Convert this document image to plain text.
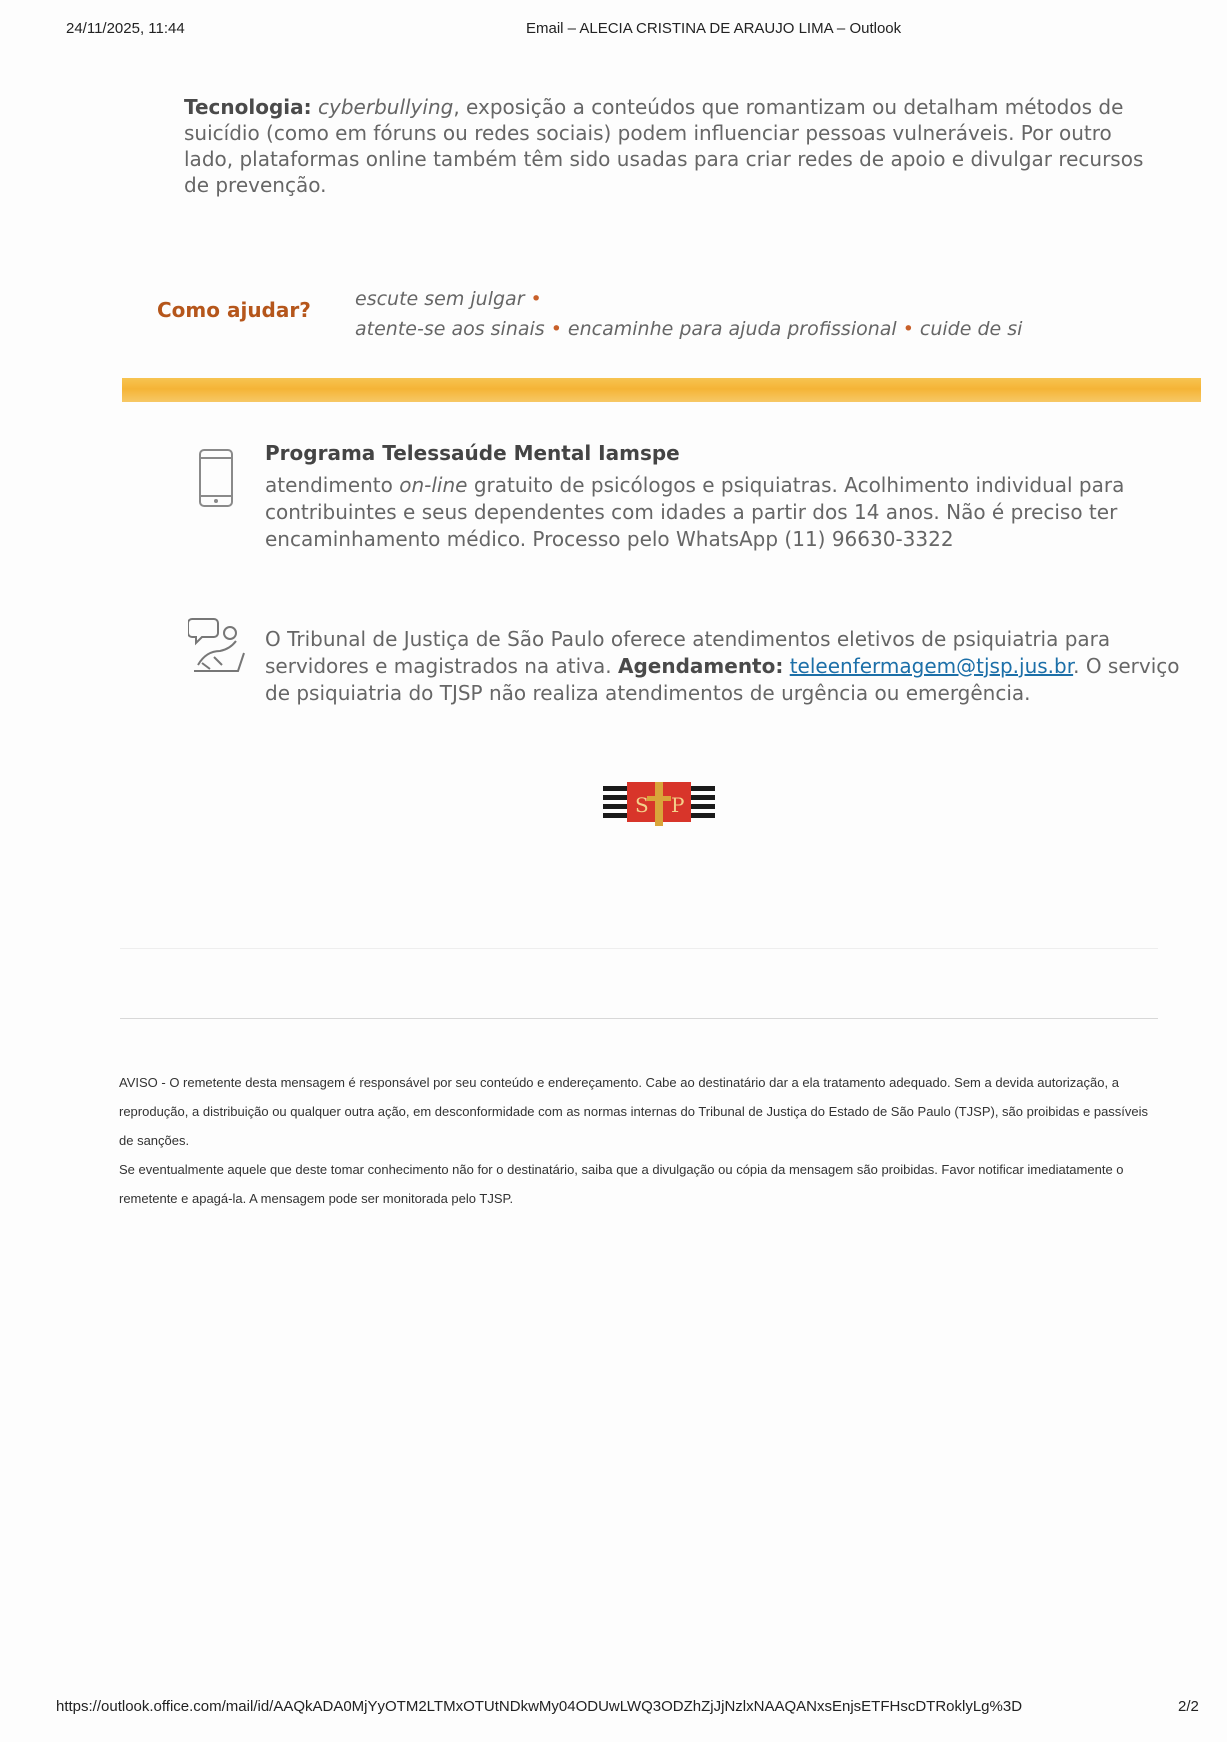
24/11/2025, 11:44	Email – ALECIA CRISTINA DE ARAUJO LIMA – Outlook
Tecnologia: cyberbullying, exposição a conteúdos que romantizam ou detalham métodos de suicídio (como em fóruns ou redes sociais) podem influenciar pessoas vulneráveis. Por outro lado, plataformas online também têm sido usadas para criar redes de apoio e divulgar recursos de prevenção.
Como ajudar? escute sem julgar •
atente-se aos sinais • encaminhe para ajuda profissional • cuide de si
Programa Telessaúde Mental Iamspe
atendimento on-line gratuito de psicólogos e psiquiatras. Acolhimento individual para contribuintes e seus dependentes com idades a partir dos 14 anos. Não é preciso ter encaminhamento médico. Processo pelo WhatsApp (11) 96630-3322
O Tribunal de Justiça de São Paulo oferece atendimentos eletivos de psiquiatria para servidores e magistrados na ativa. Agendamento: teleenfermagem@tjsp.jus.br. O serviço de psiquiatria do TJSP não realiza atendimentos de urgência ou emergência.
S P

AVISO - O remetente desta mensagem é responsável por seu conteúdo e endereçamento. Cabe ao destinatário dar a ela tratamento adequado. Sem a devida autorização, a reprodução, a distribuição ou qualquer outra ação, em desconformidade com as normas internas do Tribunal de Justiça do Estado de São Paulo (TJSP), são proibidas e passíveis de sanções.

Se eventualmente aquele que deste tomar conhecimento não for o destinatário, saiba que a divulgação ou cópia da mensagem são proibidas. Favor notificar imediatamente o remetente e apagá-la. A mensagem pode ser monitorada pelo TJSP.

https://outlook.office.com/mail/id/AAQkADA0MjYyOTM2LTMxOTUtNDkwMy04ODUwLWQ3ODZhZjJjNzlxNAAQANxsEnjsETFHscDTRoklyLg%3D	2/2
